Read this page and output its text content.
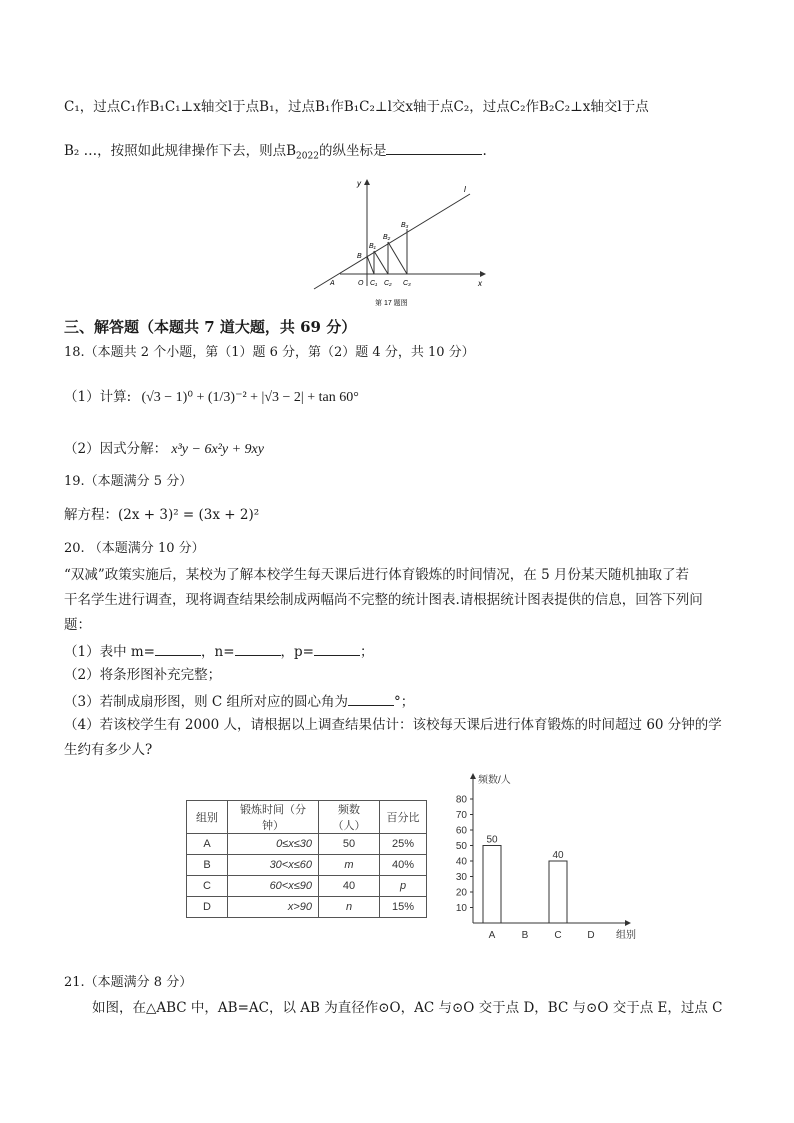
C₁，过点C₁作B₁C₁⊥x轴交l于点B₁，过点B₁作B₁C₂⊥l交x轴于点C₂，过点C₂作B₂C₂⊥x轴交l于点
B₂ …，按照如此规律操作下去，则点$B_{2022}$的纵坐标是	.
y
x
l
B
B₁
B₂
B₃
A	O C₁ C₂ C₃
第 17 题图
三、解答题（本题共 7 道大题，共 69 分）
18.（本题共 2 个小题，第（1）题 6 分，第（2）题 4 分，共 10 分）
（1）计算: (√3 − 1)⁰ + (1/3)⁻² + |√3 − 2| + tan 60°
（2）因式分解： x³y − 6x²y + 9xy
19.（本题满分 5 分）
解方程：(2x + 3)² = (3x + 2)²
20. （本题满分 10 分）
“双减”政策实施后，某校为了解本校学生每天课后进行体育锻炼的时间情况，在 5 月份某天随机抽取了若
干名学生进行调查，现将调查结果绘制成两幅尚不完整的统计图表.请根据统计图表提供的信息，回答下列问
题：
（1）表中 m=	，n=	，p=	；
（2）将条形图补充完整；
（3）若制成扇形图，则 C 组所对应的圆心角为	°；
（4）若该校学生有 2000 人，请根据以上调查结果估计：该校每天课后进行体育锻炼的时间超过 60 分钟的学
生约有多少人?
组别	锻炼时间（分钟）	频数（人）	百分比
A	0≤x≤30	50	25%
B	30<x≤60	m	40%
C	60<x≤90	40	p
D	x>90	n	15%
频数/人
组别
10
20
30
40
50
60
70
80
50
A	B
40
C	D
21.（本题满分 8 分）
如图，在△ABC 中，AB=AC，以 AB 为直径作⊙O，AC 与⊙O 交于点 D，BC 与⊙O 交于点 E，过点 C
